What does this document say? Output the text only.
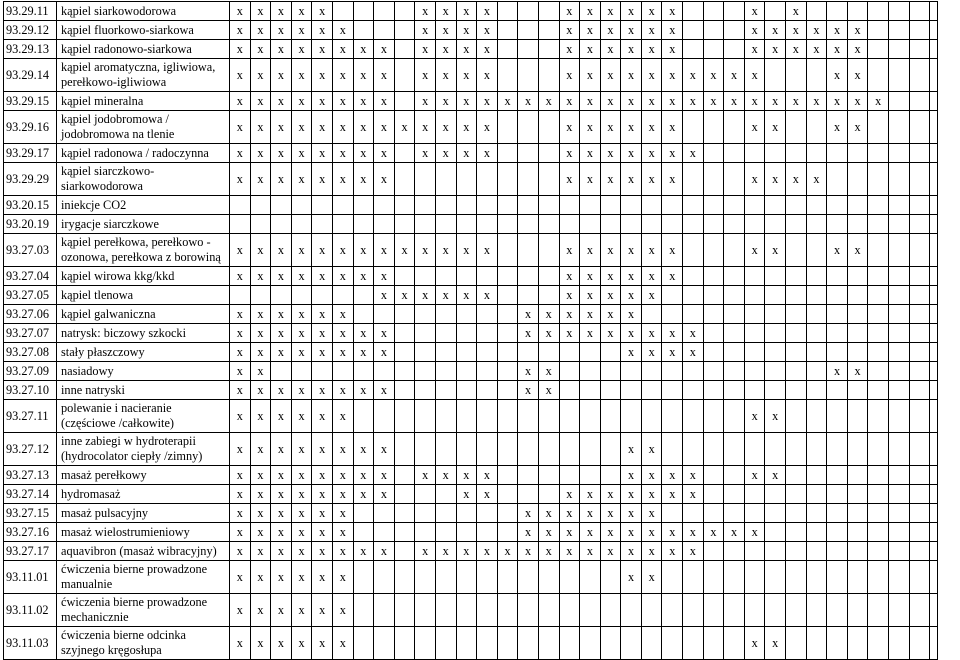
93.29.11	kąpiel siarkowodorowa	x	x	x	x	x					x	x	x	x				x	x	x	x	x	x				x		x							
93.29.12	kąpiel fluorkowo-siarkowa	x	x	x	x	x	x				x	x	x	x				x	x	x	x	x	x				x	x	x	x	x	x				
93.29.13	kąpiel radonowo-siarkowa	x	x	x	x	x	x	x	x		x	x	x	x				x	x	x	x	x	x				x	x	x	x	x	x				
93.29.14	kąpiel aromatyczna, igliwiowa, perełkowo-igliwiowa	x	x	x	x	x	x	x	x		x	x	x	x				x	x	x	x	x	x	x	x	x	x				x	x				
93.29.15	kąpiel mineralna	x	x	x	x	x	x	x	x		x	x	x	x	x	x	x	x	x	x	x	x	x	x	x	x	x	x	x	x	x	x	x			
93.29.16	kąpiel jodobromowa / jodobromowa na tlenie	x	x	x	x	x	x	x	x	x	x	x	x	x				x	x	x	x	x	x				x	x			x	x				
93.29.17	kąpiel radonowa / radoczynna	x	x	x	x	x	x	x	x		x	x	x	x				x	x	x	x	x	x	x												
93.29.29	kąpiel siarczkowo-siarkowodorowa	x	x	x	x	x	x	x	x									x	x	x	x	x	x				x	x	x	x						
93.20.15	iniekcje CO2																																			
93.20.19	irygacje siarczkowe																																			
93.27.03	kąpiel perełkowa, perełkowo - ozonowa, perełkowa z borowiną	x	x	x	x	x	x	x	x	x	x	x	x	x				x	x	x	x	x	x				x	x			x	x				
93.27.04	kąpiel wirowa kkg/kkd	x	x	x	x	x	x	x	x									x	x	x	x	x	x													
93.27.05	kąpiel tlenowa								x	x	x	x	x	x				x	x	x	x	x														
93.27.06	kąpiel galwaniczna	x	x	x	x	x	x									x	x	x	x	x	x															
93.27.07	natrysk: biczowy szkocki	x	x	x	x	x	x	x	x							x	x	x	x	x	x	x	x	x												
93.27.08	stały płaszczowy	x	x	x	x	x	x	x	x												x	x	x	x												
93.27.09	nasiadowy	x	x													x	x														x	x				
93.27.10	inne natryski	x	x	x	x	x	x	x	x							x	x																			
93.27.11	polewanie i nacieranie (częściowe /całkowite)	x	x	x	x	x	x																				x	x								
93.27.12	inne zabiegi w hydroterapii (hydrocolator ciepły /zimny)	x	x	x	x	x	x	x	x												x	x														
93.27.13	masaż perełkowy	x	x	x	x	x	x	x	x		x	x	x	x							x	x	x	x			x	x								
93.27.14	hydromasaż	x	x	x	x	x	x	x	x				x	x				x	x	x	x	x	x	x												
93.27.15	masaż pulsacyjny	x	x	x	x	x	x									x	x	x	x	x	x	x														
93.27.16	masaż wielostrumieniowy	x	x	x	x	x	x									x	x	x	x	x	x	x	x	x	x	x	x									
93.27.17	aquavibron (masaż wibracyjny)	x	x	x	x	x	x	x	x		x	x	x	x	x	x	x	x	x	x	x	x	x	x												
93.11.01	ćwiczenia bierne prowadzone manualnie	x	x	x	x	x	x														x	x														
93.11.02	ćwiczenia bierne prowadzone mechanicznie	x	x	x	x	x	x																													
93.11.03	ćwiczenia bierne odcinka szyjnego kręgosłupa	x	x	x	x	x	x																				x	x								
